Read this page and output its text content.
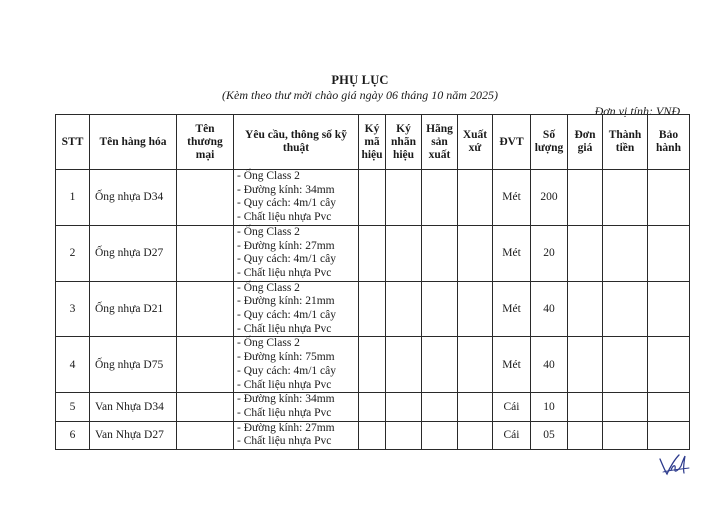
PHỤ LỤC
(Kèm theo thư mời chào giá ngày 06 tháng 10 năm 2025)
Đơn vị tính: VNĐ
STT	Tên hàng hóa	Tên thương mại	Yêu cầu, thông số kỹ thuật	Ký mã hiệu	Ký nhãn hiệu	Hãng sản xuất	Xuất xứ	ĐVT	Số lượng	Đơn giá	Thành tiền	Bảo hành
1	Ống nhựa D34		- Ống Class 2
- Đường kính: 34mm
- Quy cách: 4m/1 cây
- Chất liệu nhựa Pvc					Mét	200			
2	Ống nhựa D27		- Ống Class 2
- Đường kính: 27mm
- Quy cách: 4m/1 cây
- Chất liệu nhựa Pvc					Mét	20			
3	Ống nhựa D21		- Ống Class 2
- Đường kính: 21mm
- Quy cách: 4m/1 cây
- Chất liệu nhựa Pvc					Mét	40			
4	Ống nhựa D75		- Ống Class 2
- Đường kính: 75mm
- Quy cách: 4m/1 cây
- Chất liệu nhựa Pvc					Mét	40			
5	Van Nhựa D34		- Đường kính: 34mm
- Chất liệu nhựa Pvc					Cái	10			
6	Van Nhựa D27		- Đường kính: 27mm
- Chất liệu nhựa Pvc					Cái	05			
